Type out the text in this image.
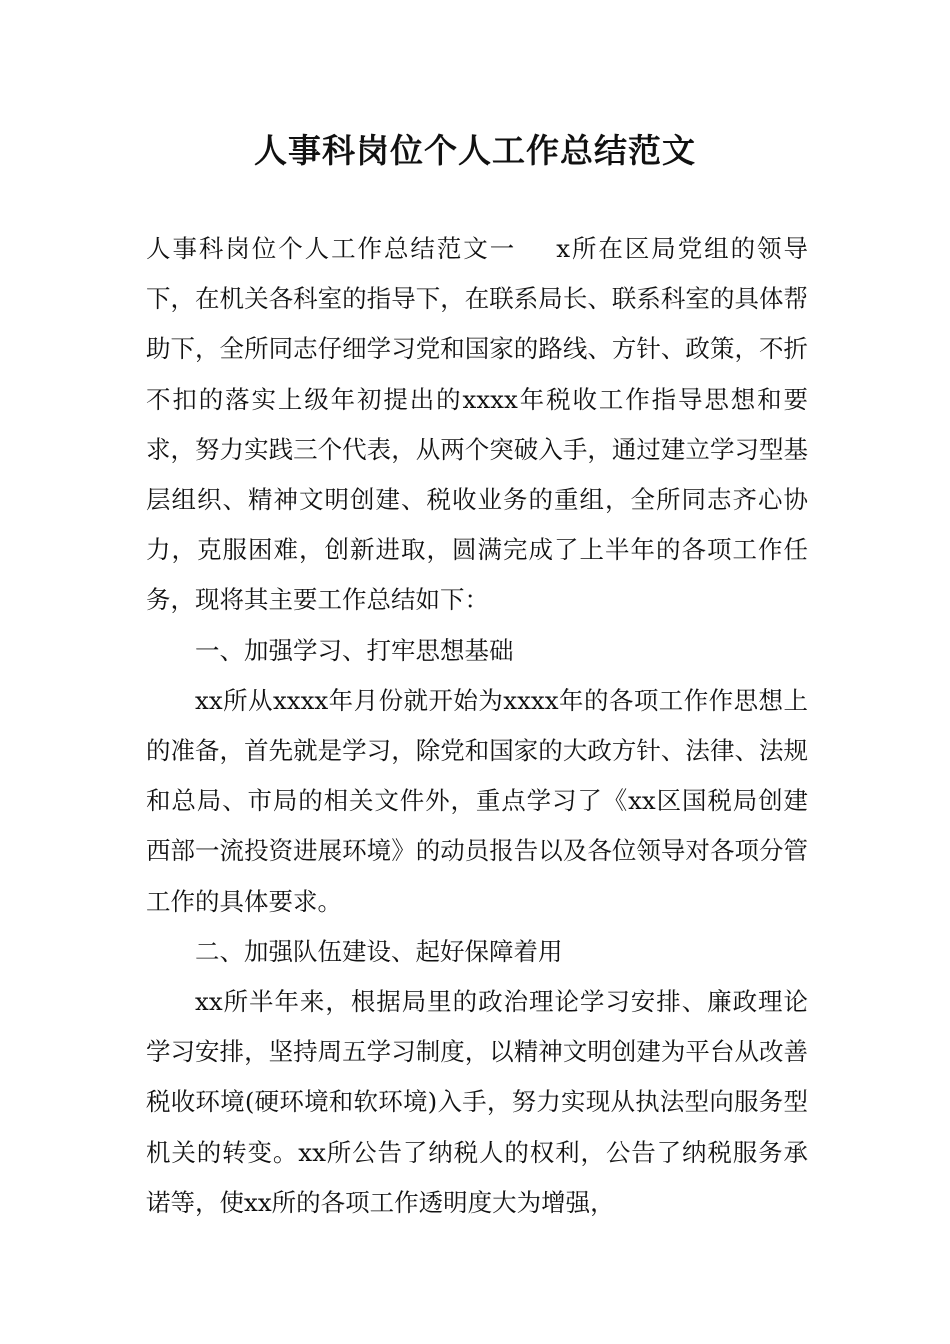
人事科岗位个人工作总结范文

人事科岗位个人工作总结范文一 x所在区局党组的领导下，在机关各科室的指导下，在联系局长、联系科室的具体帮助下，全所同志仔细学习党和国家的路线、方针、政策，不折不扣的落实上级年初提出的xxxx年税收工作指导思想和要求，努力实践三个代表，从两个突破入手，通过建立学习型基层组织、精神文明创建、税收业务的重组，全所同志齐心协力，克服困难，创新进取，圆满完成了上半年的各项工作任务，现将其主要工作总结如下：

一、加强学习、打牢思想基础

xx所从xxxx年月份就开始为xxxx年的各项工作作思想上的准备，首先就是学习，除党和国家的大政方针、法律、法规和总局、市局的相关文件外，重点学习了《xx区国税局创建西部一流投资进展环境》的动员报告以及各位领导对各项分管工作的具体要求。

二、加强队伍建设、起好保障着用

xx所半年来，根据局里的政治理论学习安排、廉政理论学习安排，坚持周五学习制度，以精神文明创建为平台从改善税收环境(硬环境和软环境)入手，努力实现从执法型向服务型机关的转变。xx所公告了纳税人的权利，公告了纳税服务承诺等，使xx所的各项工作透明度大为增强，
